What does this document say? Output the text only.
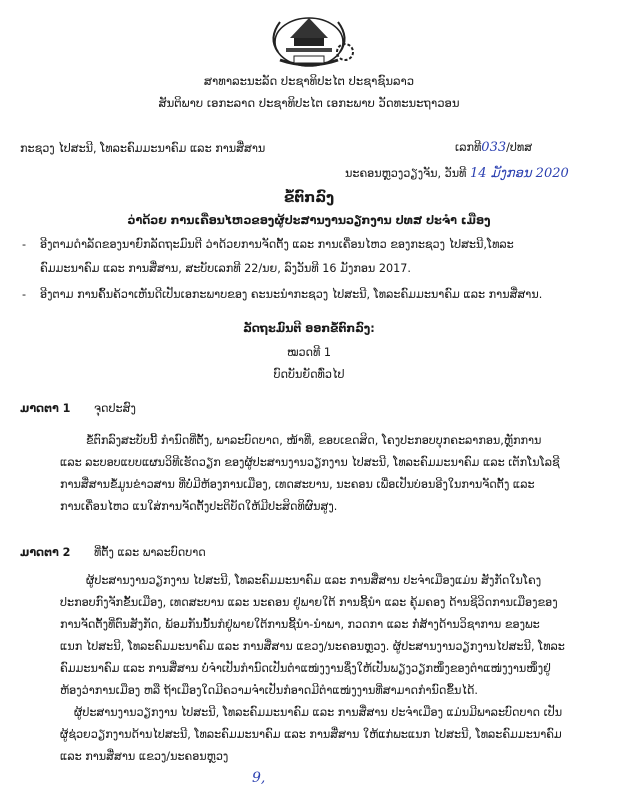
ສາທາລະນະລັດ ປະຊາທິປະໄຕ ປະຊາຊົນລາວ
ສັນຕິພາບ ເອກະລາດ ປະຊາທິປະໄຕ ເອກະພາບ ວັດທະນະຖາວອນ
ກະຊວງ ໄປສະນີ, ໂທລະຄົມມະນາຄົມ ແລະ ການສື່ສານ	ເລກທີ033/ປທສ
ນະຄອນຫຼວງວຽງຈັນ, ວັນທີ 14 ມັງກອນ 2020
ຂໍ້ຕົກລົງ
ວ່າດ້ວຍ ການເຄື່ອນໄຫວຂອງຜູ້ປະສານງານວຽກງານ ປທສ ປະຈຳ ເມືອງ
- ອີງຕາມດຳລັດຂອງນາຍົກລັດຖະມົນຕີ ວ່າດ້ວຍການຈັດຕັ້ງ ແລະ ການເຄື່ອນໄຫວ ຂອງກະຊວງ ໄປສະນີ,ໂທລະ
ຄົມມະນາຄົມ ແລະ ການສື່ສານ, ສະບັບເລກທີ 22/ນຍ, ລົງວັນທີ 16 ມັງກອນ 2017.
- ອີງຕາມ ການຄົ້ນຄ້ວາເຫັນດີເປັນເອກະພາບຂອງ ຄະນະນຳກະຊວງ ໄປສະນີ, ໂທລະຄົມມະນາຄົມ ແລະ ການສື່ສານ.
ລັດຖະມົນຕີ ອອກຂໍ້ຕົກລົງ:
ໝວດທີ 1
ບົດບັນຍັດທົ່ວໄປ
ມາດຕາ 1 ຈຸດປະສົງ
ຂໍ້ຕົກລົງສະບັບນີ້ ກຳນົດທີ່ຕັ້ງ, ພາລະບົດບາດ, ໜ້າທີ່, ຂອບເຂດສິດ, ໂຄງປະກອບບຸກຄະລາກອນ,ຫຼັກການ
ແລະ ລະບອບແບບແຜນວິທີເຮັດວຽກ ຂອງຜູ້ປະສານງານວຽກງານ ໄປສະນີ, ໂທລະຄົມມະນາຄົມ ແລະ ເຕັກໂນໂລຊີ
ການສື່ສານຂໍ້ມູນຂ່າວສານ ທີ່ບໍ່ມີຫ້ອງການເມືອງ, ເທດສະບານ, ນະຄອນ ເພື່ອເປັນບ່ອນອີງໃນການຈັດຕັ້ງ ແລະ
ການເຄື່ອນໄຫວ ແນໃສ່ການຈັດຕັ້ງປະຕິບັດໃຫ້ມີປະສິດທິຜົນສູງ.
ມາດຕາ 2 ທີ່ຕັ້ງ ແລະ ພາລະບົດບາດ
ຜູ້ປະສານງານວຽກງານ ໄປສະນີ, ໂທລະຄົມມະນາຄົມ ແລະ ການສື່ສານ ປະຈຳເມືອງແມ່ນ ສັງກັດໃນໂຄງ
ປະກອບກົງຈັກຂັ້ນເມືອງ, ເທດສະບານ ແລະ ນະຄອນ ຢູ່ພາຍໃຕ້ ການຊີ້ນຳ ແລະ ຄຸ້ມຄອງ ດ້ານຊີວິດການເມືອງຂອງ
ການຈັດຕັ້ງທີ່ຕົນສັງກັດ, ພ້ອມກັນນັ້ນກໍຢູ່ພາຍໃຕ້ການຊີ້ນຳ-ນຳພາ, ກວດກາ ແລະ ກໍ່ສ້າງດ້ານວິຊາການ ຂອງພະ
ແນກ ໄປສະນີ, ໂທລະຄົມມະນາຄົມ ແລະ ການສື່ສານ ແຂວງ/ນະຄອນຫຼວງ. ຜູ້ປະສານງານວຽກງານໄປສະນີ, ໂທລະ
ຄົມມະນາຄົມ ແລະ ການສື່ສານ ບໍ່ຈຳເປັນກຳນົດເປັນຕຳແໜ່ງງານຊຶ່ງໃຫ້ເປັນພຽງວຽກໜຶ່ງຂອງຕຳແໜ່ງງານໜຶ່ງຢູ່
ຫ້ອງວ່າການເມືອງ ຫລື ຖ້າເມືອງໃດມີຄວາມຈຳເປັນກໍອາດມີຕຳແໜ່ງງານທີ່ສາມາດກຳນົດຂຶ້ນໄດ້.
ຜູ້ປະສານງານວຽກງານ ໄປສະນີ, ໂທລະຄົມມະນາຄົມ ແລະ ການສື່ສານ ປະຈຳເມືອງ ແມ່ນມີພາລະບົດບາດ ເປັນ
ຜູ້ຊ່ວຍວຽກງານດ້ານໄປສະນີ, ໂທລະຄົມມະນາຄົມ ແລະ ການສື່ສານ ໃຫ້ແກ່ພະແນກ ໄປສະນີ, ໂທລະຄົມມະນາຄົມ
ແລະ ການສື່ສານ ແຂວງ/ນະຄອນຫຼວງ
9,
